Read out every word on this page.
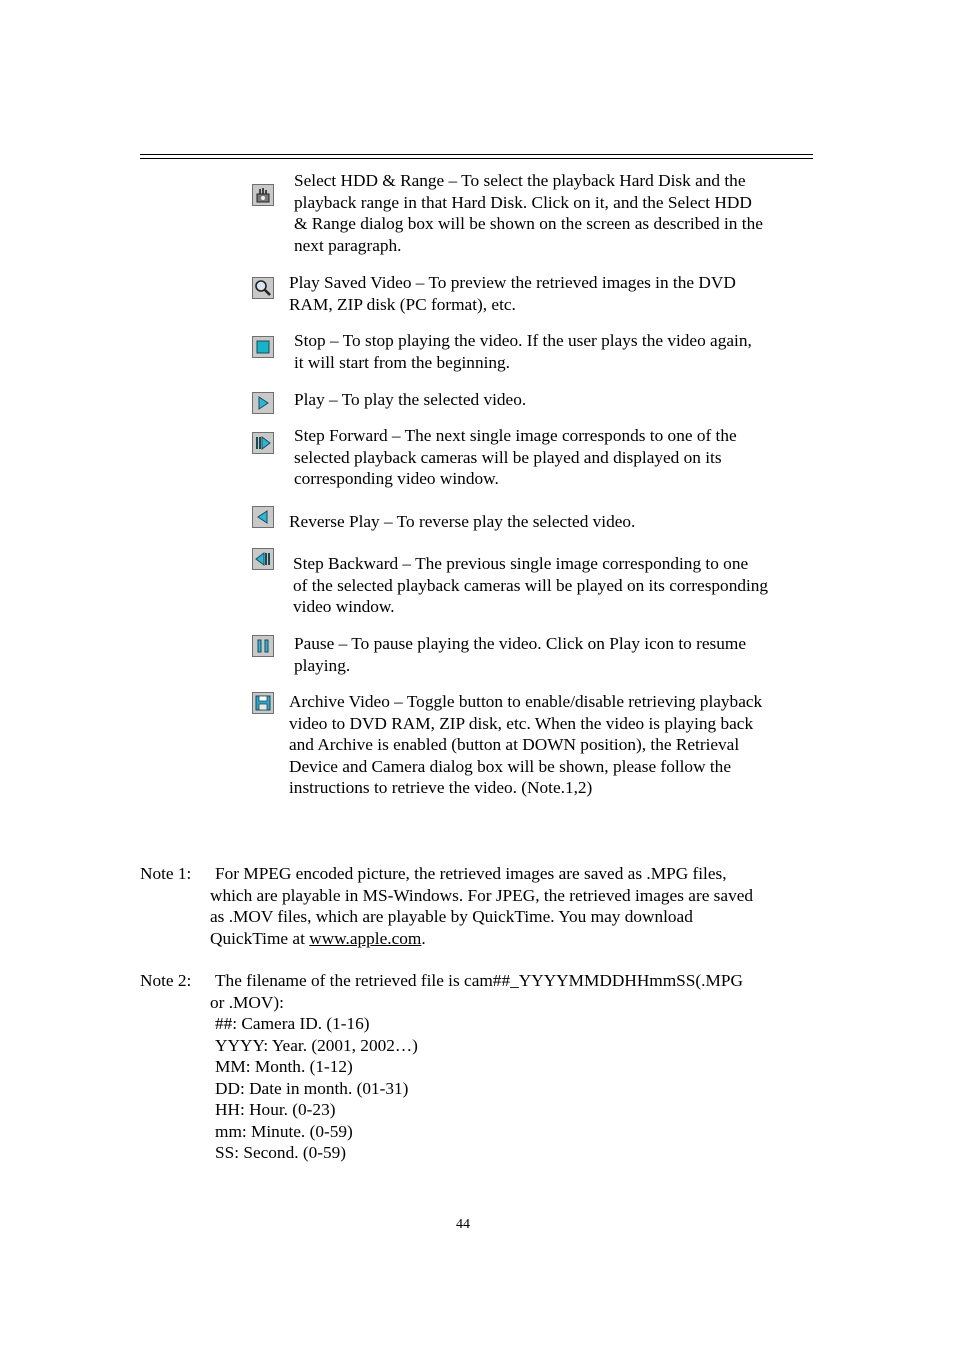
Select HDD & Range – To select the playback Hard Disk and the
playback range in that Hard Disk. Click on it, and the Select HDD
& Range dialog box will be shown on the screen as described in the
next paragraph.
Play Saved Video – To preview the retrieved images in the DVD
RAM, ZIP disk (PC format), etc.
Stop – To stop playing the video. If the user plays the video again,
it will start from the beginning.
Play – To play the selected video.
Step Forward – The next single image corresponds to one of the
selected playback cameras will be played and displayed on its
corresponding video window.
Reverse Play – To reverse play the selected video.
Step Backward – The previous single image corresponding to one
of the selected playback cameras will be played on its corresponding
video window.
Pause – To pause playing the video. Click on Play icon to resume
playing.
Archive Video – Toggle button to enable/disable retrieving playback
video to DVD RAM, ZIP disk, etc. When the video is playing back
and Archive is enabled (button at DOWN position), the Retrieval
Device and Camera dialog box will be shown, please follow the
instructions to retrieve the video. (Note.1,2)
Note 1: For MPEG encoded picture, the retrieved images are saved as .MPG files,
which are playable in MS-Windows. For JPEG, the retrieved images are saved
as .MOV files, which are playable by QuickTime. You may download
QuickTime at www.apple.com.
Note 2: The filename of the retrieved file is cam##_YYYYMMDDHHmmSS(.MPG
or .MOV):
##: Camera ID. (1-16)
YYYY: Year. (2001, 2002…)
MM: Month. (1-12)
DD: Date in month. (01-31)
HH: Hour. (0-23)
mm: Minute. (0-59)
SS: Second. (0-59)
44
